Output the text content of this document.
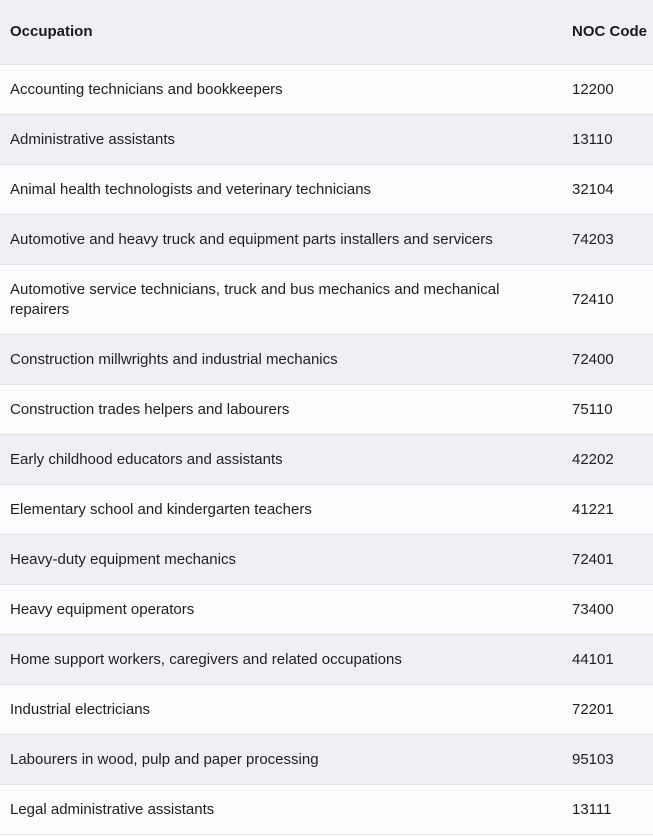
Occupation	NOC Code
Accounting technicians and bookkeepers	12200
Administrative assistants	13110
Animal health technologists and veterinary technicians	32104
Automotive and heavy truck and equipment parts installers and servicers	74203
Automotive service technicians, truck and bus mechanics and mechanical repairers	72410
Construction millwrights and industrial mechanics	72400
Construction trades helpers and labourers	75110
Early childhood educators and assistants	42202
Elementary school and kindergarten teachers	41221
Heavy-duty equipment mechanics	72401
Heavy equipment operators	73400
Home support workers, caregivers and related occupations	44101
Industrial electricians	72201
Labourers in wood, pulp and paper processing	95103
Legal administrative assistants	13111
